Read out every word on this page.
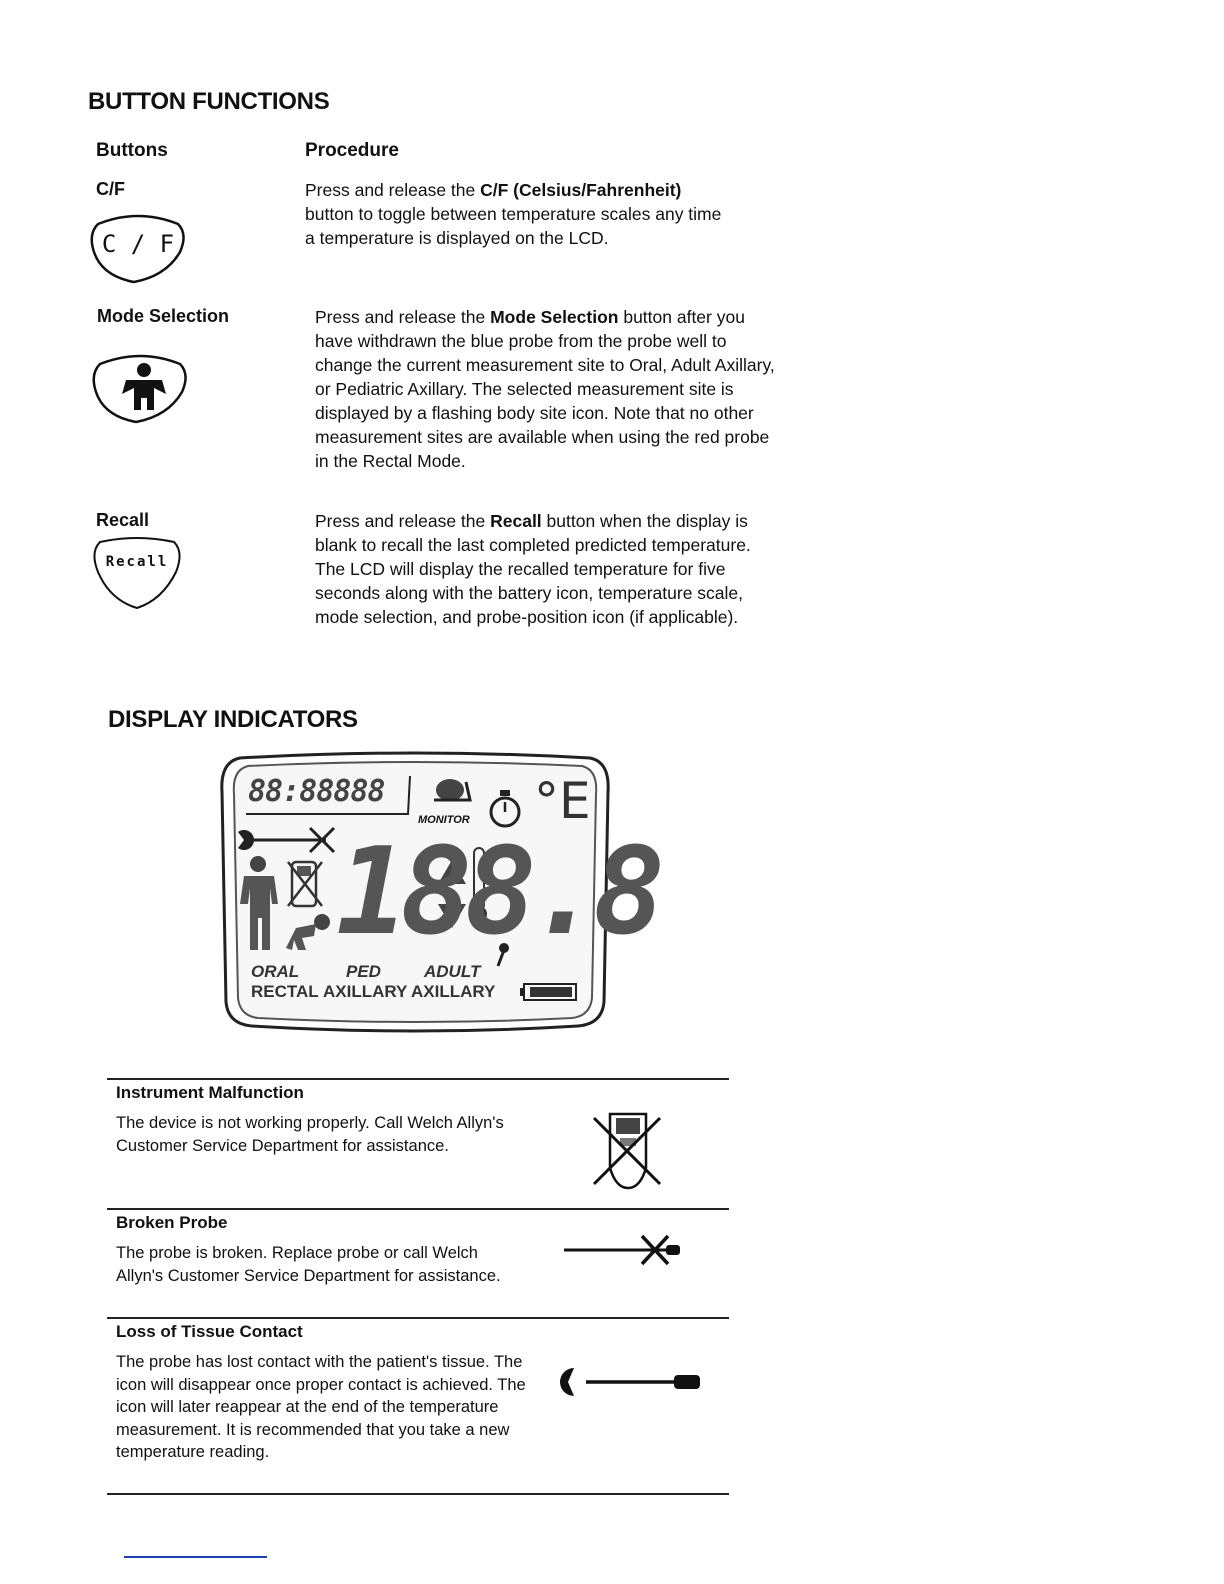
BUTTON FUNCTIONS
Buttons	Procedure
C/F
C / F
Press and release the C/F (Celsius/Fahrenheit) button to toggle between temperature scales any time a temperature is displayed on the LCD.
Mode Selection	Press and release the Mode Selection button after you have withdrawn the blue probe from the probe well to change the current measurement site to Oral, Adult Axillary, or Pediatric Axillary. The selected measurement site is displayed by a flashing body site icon. Note that no other measurement sites are available when using the red probe in the Rectal Mode.
Recall
Recall
Press and release the Recall button when the display is blank to recall the last completed predicted temperature. The LCD will display the recalled temperature for five seconds along with the battery icon, temperature scale, mode selection, and probe-position icon (if applicable).
DISPLAY INDICATORS
88:88888
MONITOR °E
188.8
ORAL
RECTAL
PED
AXILLARY
ADULT
AXILLARY
Instrument Malfunction
The device is not working properly. Call Welch Allyn's Customer Service Department for assistance.
Broken Probe
The probe is broken. Replace probe or call Welch Allyn's Customer Service Department for assistance.
Loss of Tissue Contact
The probe has lost contact with the patient's tissue. The icon will disappear once proper contact is achieved. The icon will later reappear at the end of the temperature measurement. It is recommended that you take a new temperature reading.
